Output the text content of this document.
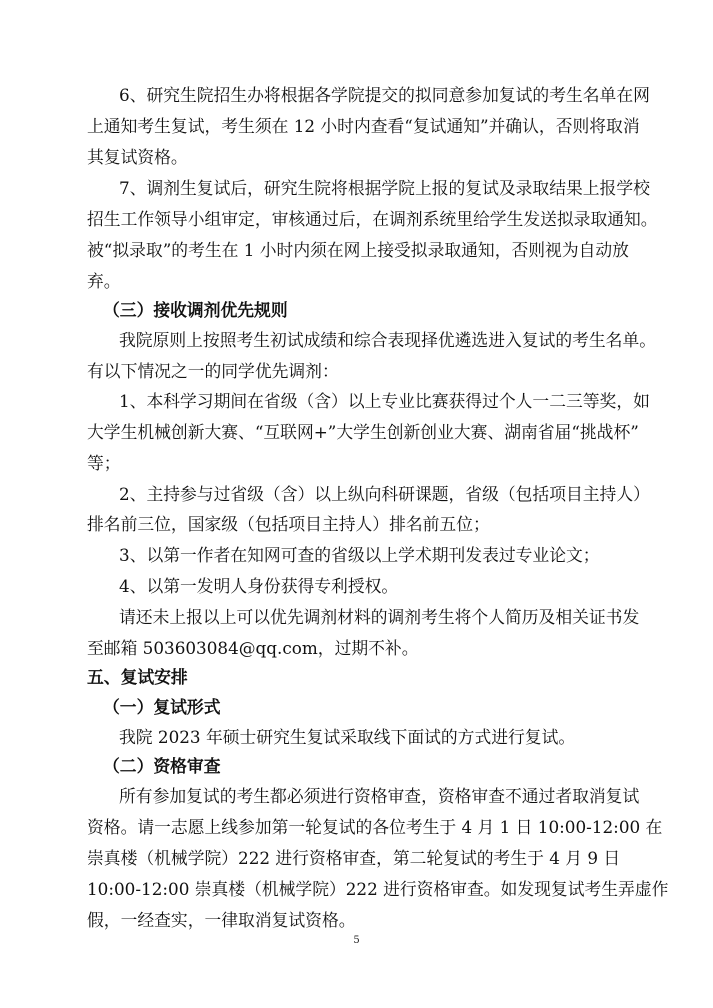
6、研究生院招生办将根据各学院提交的拟同意参加复试的考生名单在网
上通知考生复试，考生须在 12 小时内查看“复试通知”并确认，否则将取消
其复试资格。
7、调剂生复试后，研究生院将根据学院上报的复试及录取结果上报学校
招生工作领导小组审定，审核通过后，在调剂系统里给学生发送拟录取通知。
被“拟录取”的考生在 1 小时内须在网上接受拟录取通知，否则视为自动放
弃。
（三）接收调剂优先规则
我院原则上按照考生初试成绩和综合表现择优遴选进入复试的考生名单。
有以下情况之一的同学优先调剂：
1、本科学习期间在省级（含）以上专业比赛获得过个人一二三等奖，如
大学生机械创新大赛、“互联网+”大学生创新创业大赛、湖南省届“挑战杯”
等；
2、主持参与过省级（含）以上纵向科研课题，省级（包括项目主持人）
排名前三位，国家级（包括项目主持人）排名前五位；
3、以第一作者在知网可查的省级以上学术期刊发表过专业论文；
4、以第一发明人身份获得专利授权。
请还未上报以上可以优先调剂材料的调剂考生将个人简历及相关证书发
至邮箱 503603084@qq.com，过期不补。
五、复试安排
（一）复试形式
我院 2023 年硕士研究生复试采取线下面试的方式进行复试。
（二）资格审查
所有参加复试的考生都必须进行资格审查，资格审查不通过者取消复试
资格。请一志愿上线参加第一轮复试的各位考生于 4 月 1 日 10:00-12:00 在
崇真楼（机械学院）222 进行资格审查，第二轮复试的考生于 4 月 9 日
10:00-12:00 崇真楼（机械学院）222 进行资格审查。如发现复试考生弄虚作
假，一经查实，一律取消复试资格。
5
